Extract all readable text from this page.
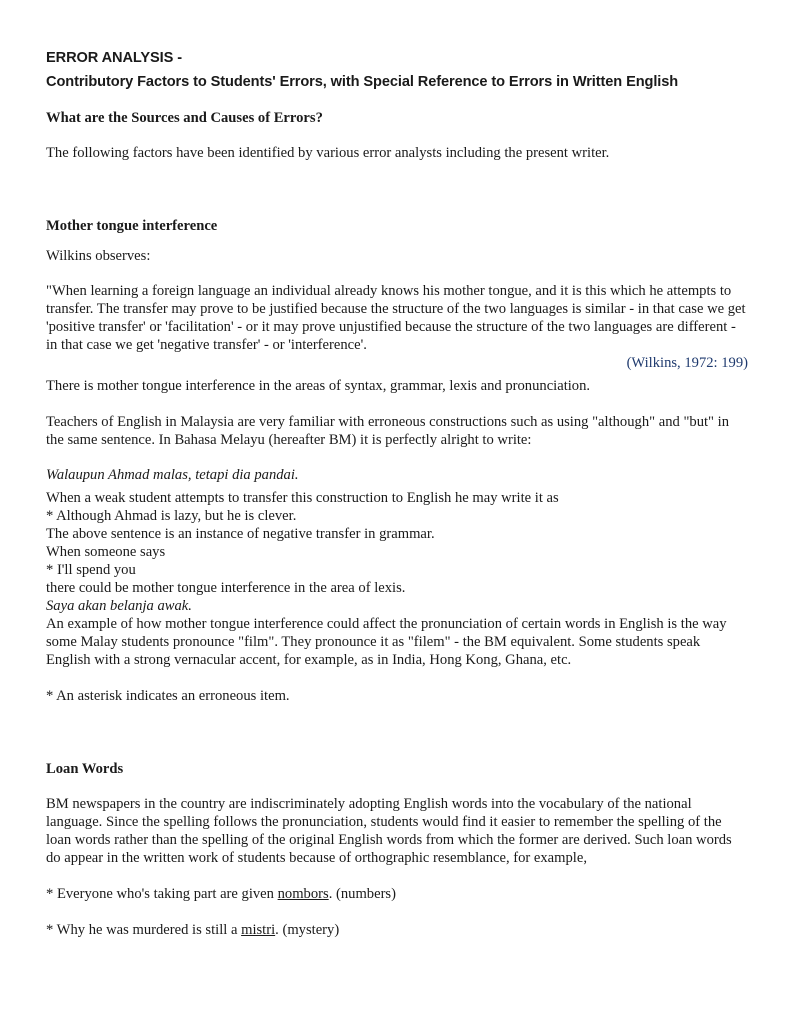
ERROR ANALYSIS -

Contributory Factors to Students' Errors, with Special Reference to Errors in Written English

What are the Sources and Causes of Errors?

The following factors have been identified by various error analysts including the present writer.

Mother tongue interference

Wilkins observes:

"When learning a foreign language an individual already knows his mother tongue, and it is this which he attempts to transfer. The transfer may prove to be justified because the structure of the two languages is similar - in that case we get 'positive transfer' or 'facilitation' - or it may prove unjustified because the structure of the two languages are different - in that case we get 'negative transfer' - or 'interference'.

(Wilkins, 1972: 199)

There is mother tongue interference in the areas of syntax, grammar, lexis and pronunciation.

Teachers of English in Malaysia are very familiar with erroneous constructions such as using "although" and "but" in the same sentence. In Bahasa Melayu (hereafter BM) it is perfectly alright to write:

Walaupun Ahmad malas, tetapi dia pandai.

When a weak student attempts to transfer this construction to English he may write it as

* Although Ahmad is lazy, but he is clever.

The above sentence is an instance of negative transfer in grammar.

When someone says

* I'll spend you

there could be mother tongue interference in the area of lexis.

Saya akan belanja awak.

An example of how mother tongue interference could affect the pronunciation of certain words in English is the way some Malay students pronounce "film". They pronounce it as "filem" - the BM equivalent. Some students speak English with a strong vernacular accent, for example, as in India, Hong Kong, Ghana, etc.

* An asterisk indicates an erroneous item.

Loan Words

BM newspapers in the country are indiscriminately adopting English words into the vocabulary of the national language. Since the spelling follows the pronunciation, students would find it easier to remember the spelling of the loan words rather than the spelling of the original English words from which the former are derived. Such loan words do appear in the written work of students because of orthographic resemblance, for example,

* Everyone who's taking part are given nombors. (numbers)

* Why he was murdered is still a mistri. (mystery)
